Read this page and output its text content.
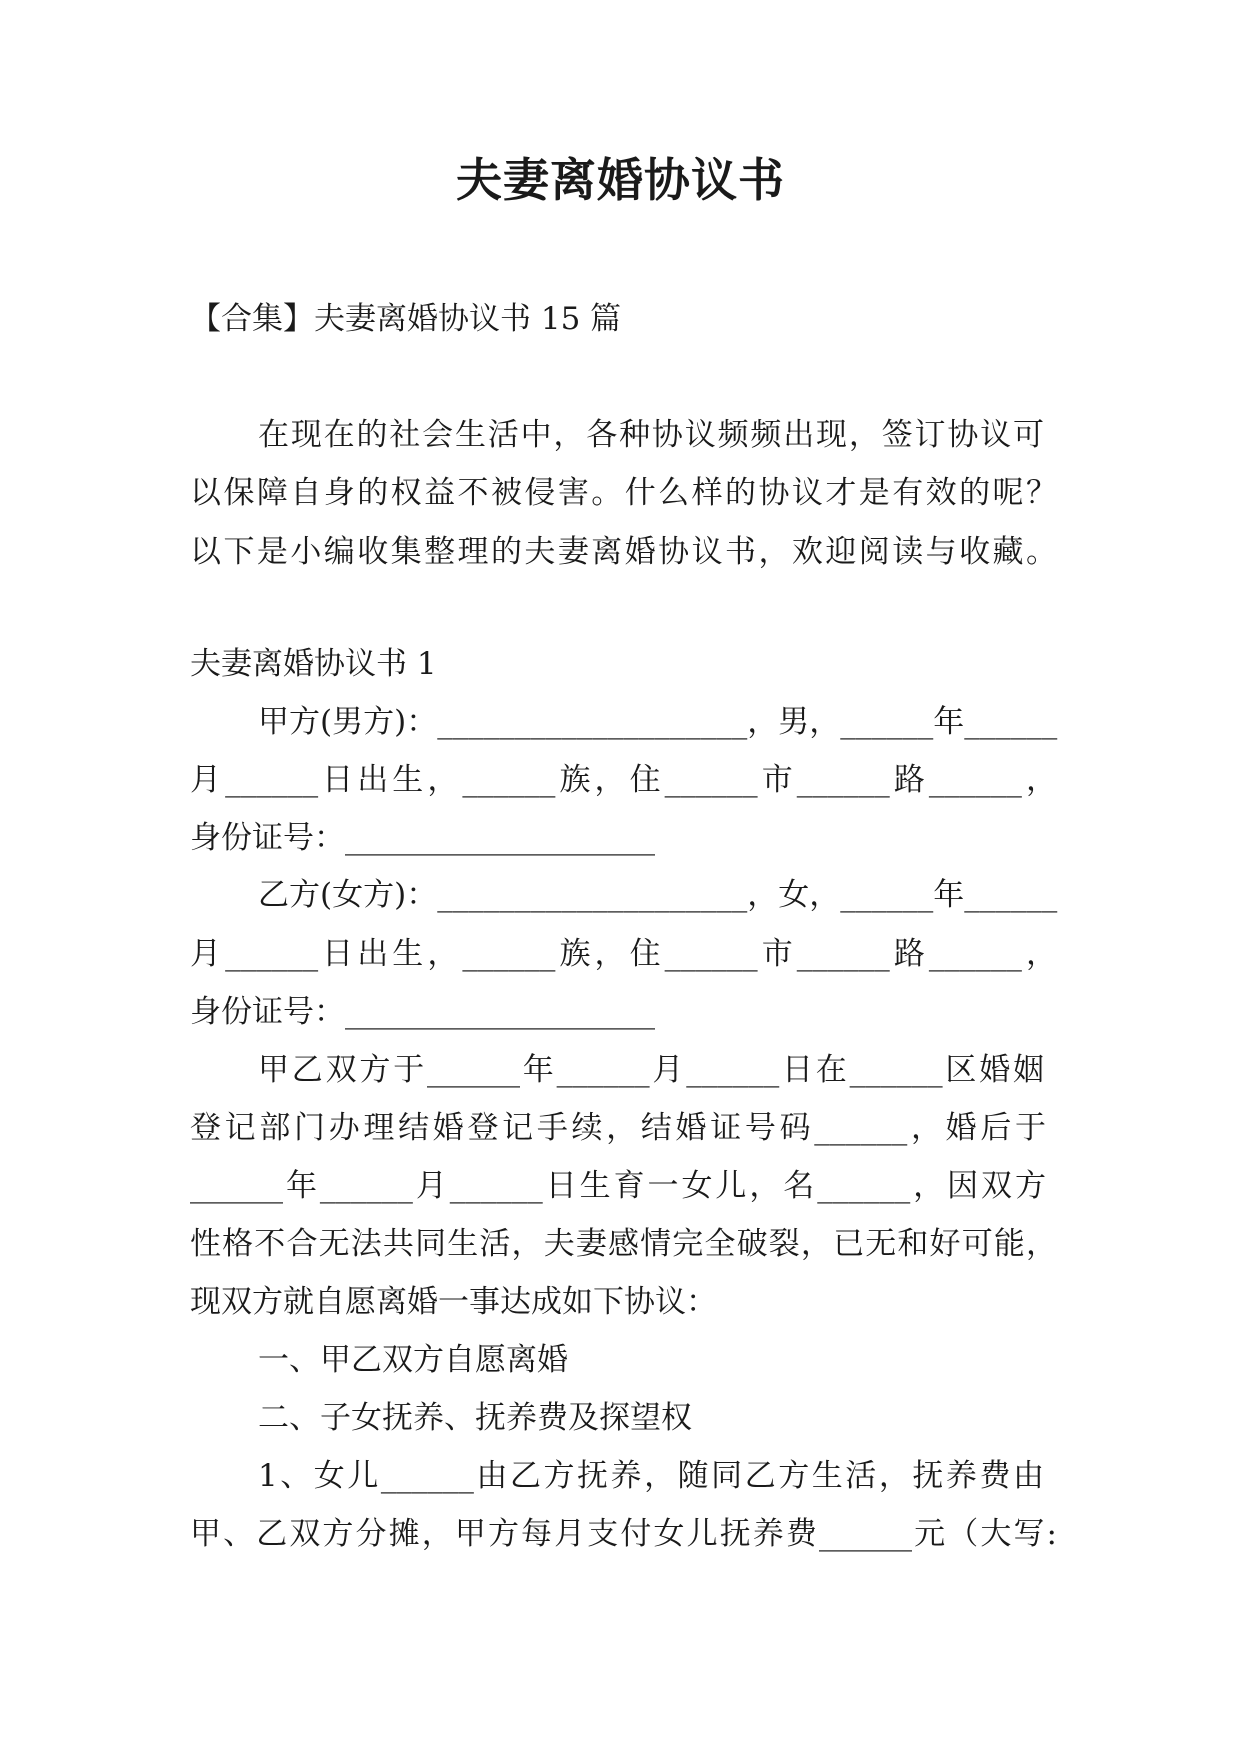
夫妻离婚协议书
【合集】夫妻离婚协议书 15 篇
在现在的社会生活中，各种协议频频出现，签订协议可
以保障自身的权益不被侵害。什么样的协议才是有效的呢？
以下是小编收集整理的夫妻离婚协议书，欢迎阅读与收藏。
夫妻离婚协议书 1
甲方(男方)：____________________，男，______年______
月______日出生，______族，住______市______路______，
身份证号：____________________
乙方(女方)：____________________，女，______年______
月______日出生，______族，住______市______路______，
身份证号：____________________
甲乙双方于______年______月______日在______区婚姻
登记部门办理结婚登记手续，结婚证号码______，婚后于
______年______月______日生育一女儿，名______，因双方
性格不合无法共同生活，夫妻感情完全破裂，已无和好可能，
现双方就自愿离婚一事达成如下协议：
一、甲乙双方自愿离婚
二、子女抚养、抚养费及探望权
1、女儿______由乙方抚养，随同乙方生活，抚养费由
甲、乙双方分摊，甲方每月支付女儿抚养费______元（大写:
